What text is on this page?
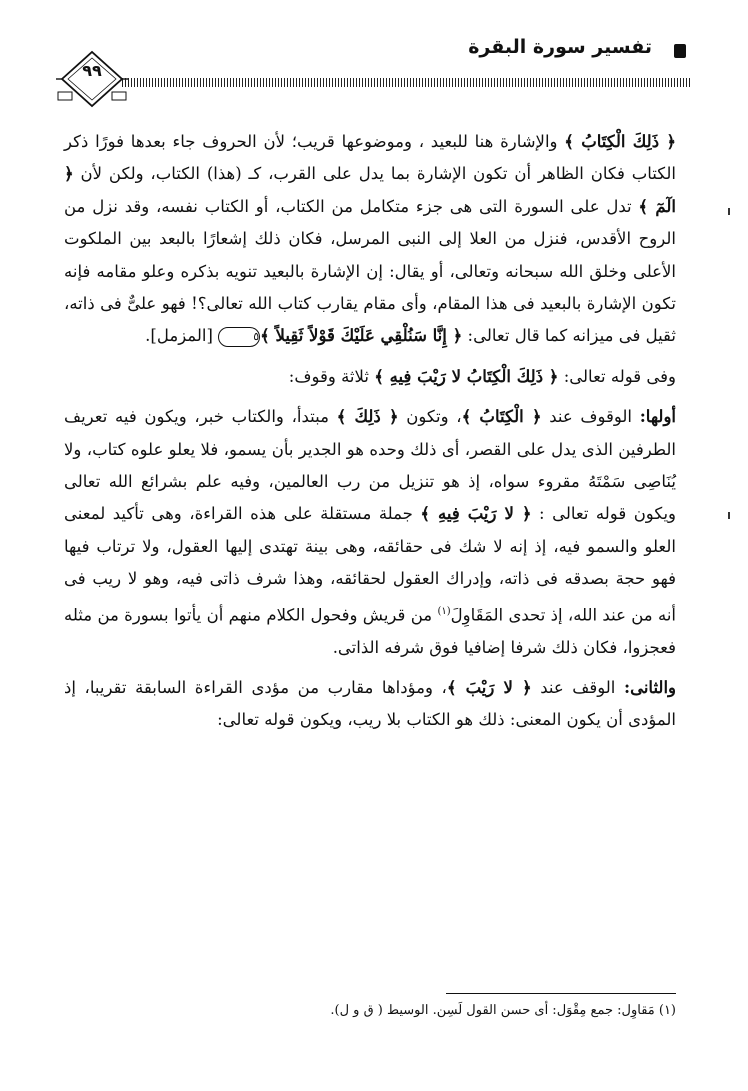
تفسير سورة البقرة
٩٩

﴿ ذَلِكَ الْكِتَابُ ﴾ والإشارة هنا للبعيد ، وموضوعها قريب؛ لأن الحروف جاء بعدها فورًا ذكر الكتاب فكان الظاهر أن تكون الإشارة بما يدل على القرب، كـ (هذا) الكتاب، ولكن لأن ﴿ الٓمٓ ﴾ تدل على السورة التى هى جزء متكامل من الكتاب، أو الكتاب نفسه، وقد نزل من الروح الأقدس، فنزل من العلا إلى النبى المرسل، فكان ذلك إشعارًا بالبعد بين الملكوت الأعلى وخلق الله سبحانه وتعالى، أو يقال: إن الإشارة بالبعيد تنويه بذكره وعلو مقامه فإنه تكون الإشارة بالبعيد فى هذا المقام، وأى مقام يقارب كتاب الله تعالى؟! فهو علىٌّ فى ذاته، ثقيل فى ميزانه كما قال تعالى: ﴿ إِنَّا سَنُلْقِي عَلَيْكَ قَوْلاً ثَقِيلاً ﴾٥ [المزمل].

وفى قوله تعالى: ﴿ ذَلِكَ الْكِتَابُ لا رَيْبَ فِيهِ ﴾ ثلاثة وقوف:

أولها: الوقوف عند ﴿ الْكِتَابُ ﴾، وتكون ﴿ ذَلِكَ ﴾ مبتدأ، والكتاب خبر، ويكون فيه تعريف الطرفين الذى يدل على القصر، أى ذلك وحده هو الجدير بأن يسمو، فلا يعلو علوه كتاب، ولا يُنَاصِى سَمْتَهُ مقروء سواه، إذ هو تنزيل من رب العالمين، وفيه علم بشرائع الله تعالى ويكون قوله تعالى : ﴿ لا رَيْبَ فِيهِ ﴾ جملة مستقلة على هذه القراءة، وهى تأكيد لمعنى العلو والسمو فيه، إذ إنه لا شك فى حقائقه، وهى بينة تهتدى إليها العقول، ولا ترتاب فيها فهو حجة بصدقه فى ذاته، وإدراك العقول لحقائقه، وهذا شرف ذاتى فيه، وهو لا ريب فى أنه من عند الله، إذ تحدى المَقَاوِلَ$^{(١)}$ من قريش وفحول الكلام منهم أن يأتوا بسورة من مثله فعجزوا، فكان ذلك شرفا إضافيا فوق شرفه الذاتى.

والثانى: الوقف عند ﴿ لا رَيْبَ ﴾، ومؤداها مقارب من مؤدى القراءة السابقة تقريبا، إذ المؤدى أن يكون المعنى: ذلك هو الكتاب بلا ريب، ويكون قوله تعالى:

(١) مَقاوِل: جمع مِقْوَل: أى حسن القول لَسِن. الوسيط ( ق و ل).
